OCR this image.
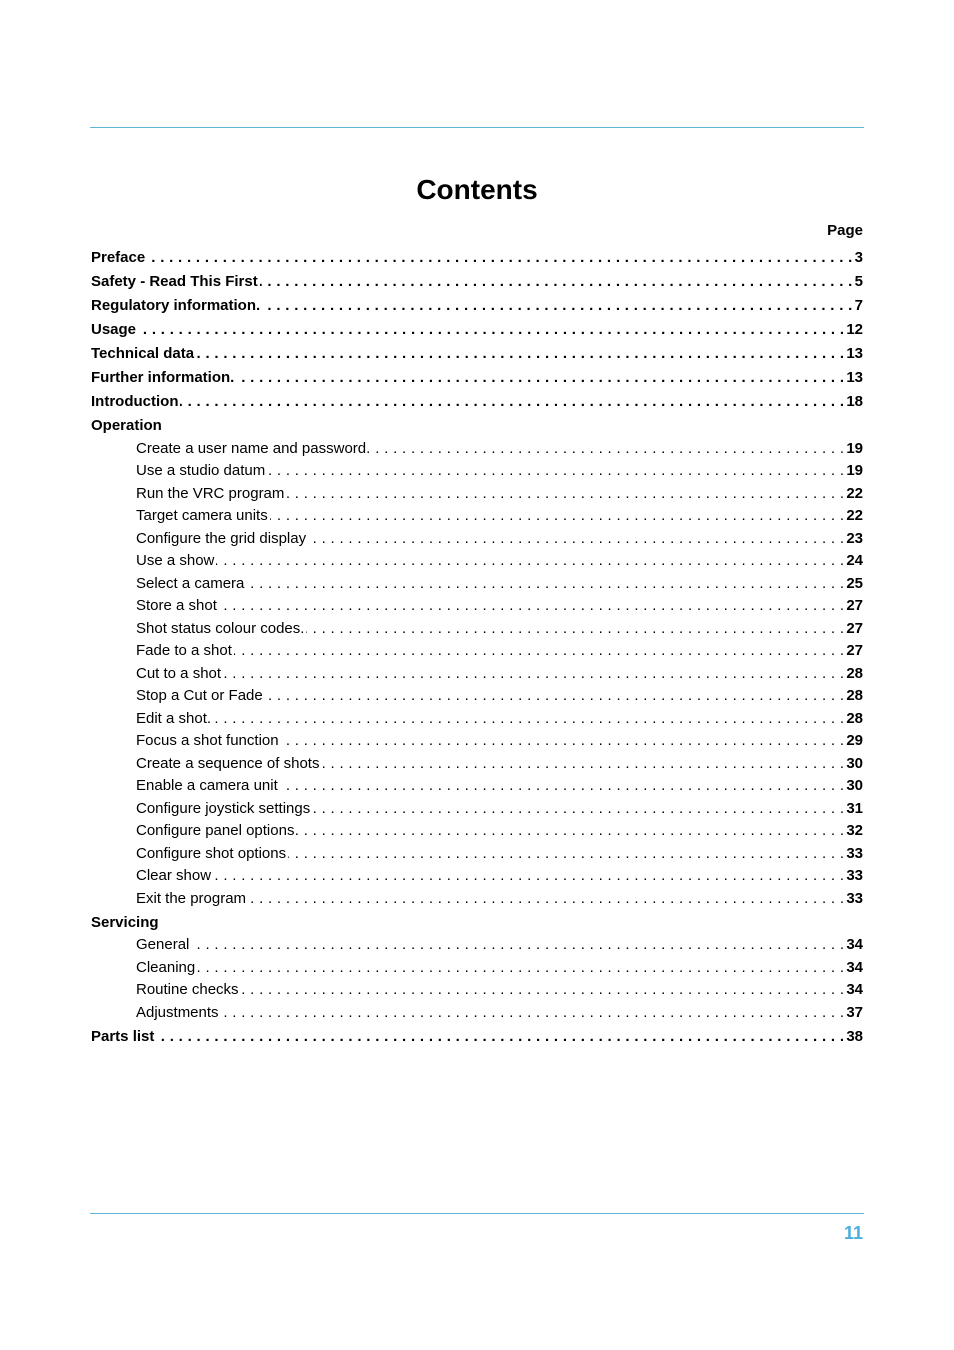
Contents
Page
Preface . . .	3
Safety - Read This First . . .	5
Regulatory information. . . .	7
Usage . . .	12
Technical data . . .	13
Further information. . . .	13
Introduction . . .	18
Operation
Create a user name and password. . . .	19
Use a studio datum . . .	19
Run the VRC program . . .	22
Target camera units . . .	22
Configure the grid display . . .	23
Use a show . . .	24
Select a camera . . .	25
Store a shot . . .	27
Shot status colour codes. . . .	27
Fade to a shot . . .	27
Cut to a shot . . .	28
Stop a Cut or Fade . . .	28
Edit a shot. . . .	28
Focus a shot function . . .	29
Create a sequence of shots . . .	30
Enable a camera unit . . .	30
Configure joystick settings . . .	31
Configure panel options . . .	32
Configure shot options . . .	33
Clear show . . .	33
Exit the program . . .	33
Servicing
General . . .	34
Cleaning . . .	34
Routine checks . . .	34
Adjustments . . .	37
Parts list . . .	38
11
